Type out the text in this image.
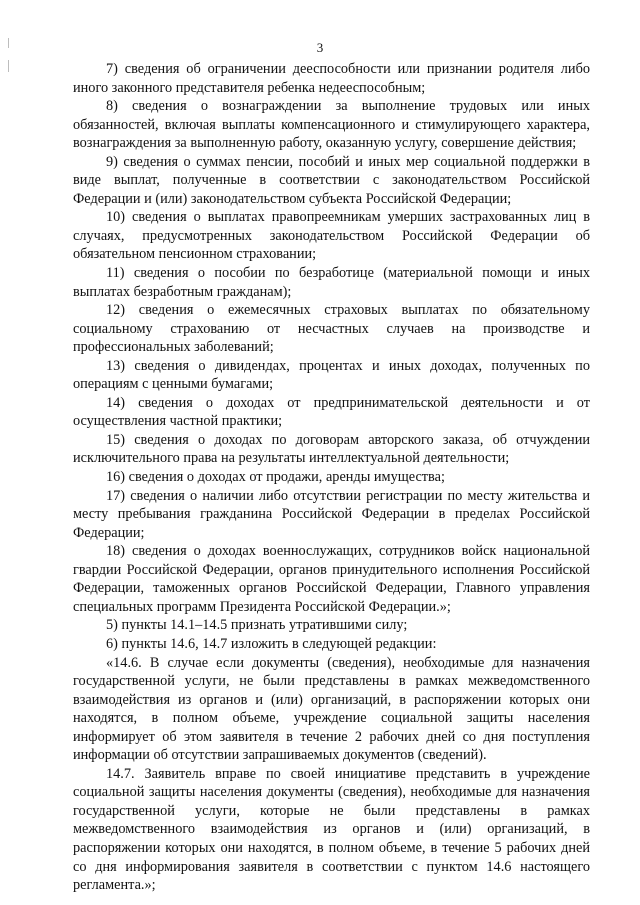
3

7) сведения об ограничении дееспособности или признании родителя либо иного законного представителя ребенка недееспособным;

8) сведения о вознаграждении за выполнение трудовых или иных обязанностей, включая выплаты компенсационного и стимулирующего характера, вознаграждения за выполненную работу, оказанную услугу, совершение действия;

9) сведения о суммах пенсии, пособий и иных мер социальной поддержки в виде выплат, полученные в соответствии с законодательством Российской Федерации и (или) законодательством субъекта Российской Федерации;

10) сведения о выплатах правопреемникам умерших застрахованных лиц в случаях, предусмотренных законодательством Российской Федерации об обязательном пенсионном страховании;

11) сведения о пособии по безработице (материальной помощи и иных выплатах безработным гражданам);

12) сведения о ежемесячных страховых выплатах по обязательному социальному страхованию от несчастных случаев на производстве и профессиональных заболеваний;

13) сведения о дивидендах, процентах и иных доходах, полученных по операциям с ценными бумагами;

14) сведения о доходах от предпринимательской деятельности и от осуществления частной практики;

15) сведения о доходах по договорам авторского заказа, об отчуждении исключительного права на результаты интеллектуальной деятельности;

16) сведения о доходах от продажи, аренды имущества;

17) сведения о наличии либо отсутствии регистрации по месту жительства и месту пребывания гражданина Российской Федерации в пределах Российской Федерации;

18) сведения о доходах военнослужащих, сотрудников войск национальной гвардии Российской Федерации, органов принудительного исполнения Российской Федерации, таможенных органов Российской Федерации, Главного управления специальных программ Президента Российской Федерации.»;

5) пункты 14.1–14.5 признать утратившими силу;

6) пункты 14.6, 14.7 изложить в следующей редакции:

«14.6. В случае если документы (сведения), необходимые для назначения государственной услуги, не были представлены в рамках межведомственного взаимодействия из органов и (или) организаций, в распоряжении которых они находятся, в полном объеме, учреждение социальной защиты населения информирует об этом заявителя в течение 2 рабочих дней со дня поступления информации об отсутствии запрашиваемых документов (сведений).

14.7. Заявитель вправе по своей инициативе представить в учреждение социальной защиты населения документы (сведения), необходимые для назначения государственной услуги, которые не были представлены в рамках межведомственного взаимодействия из органов и (или) организаций, в распоряжении которых они находятся, в полном объеме, в течение 5 рабочих дней со дня информирования заявителя в соответствии с пунктом 14.6 настоящего регламента.»;
